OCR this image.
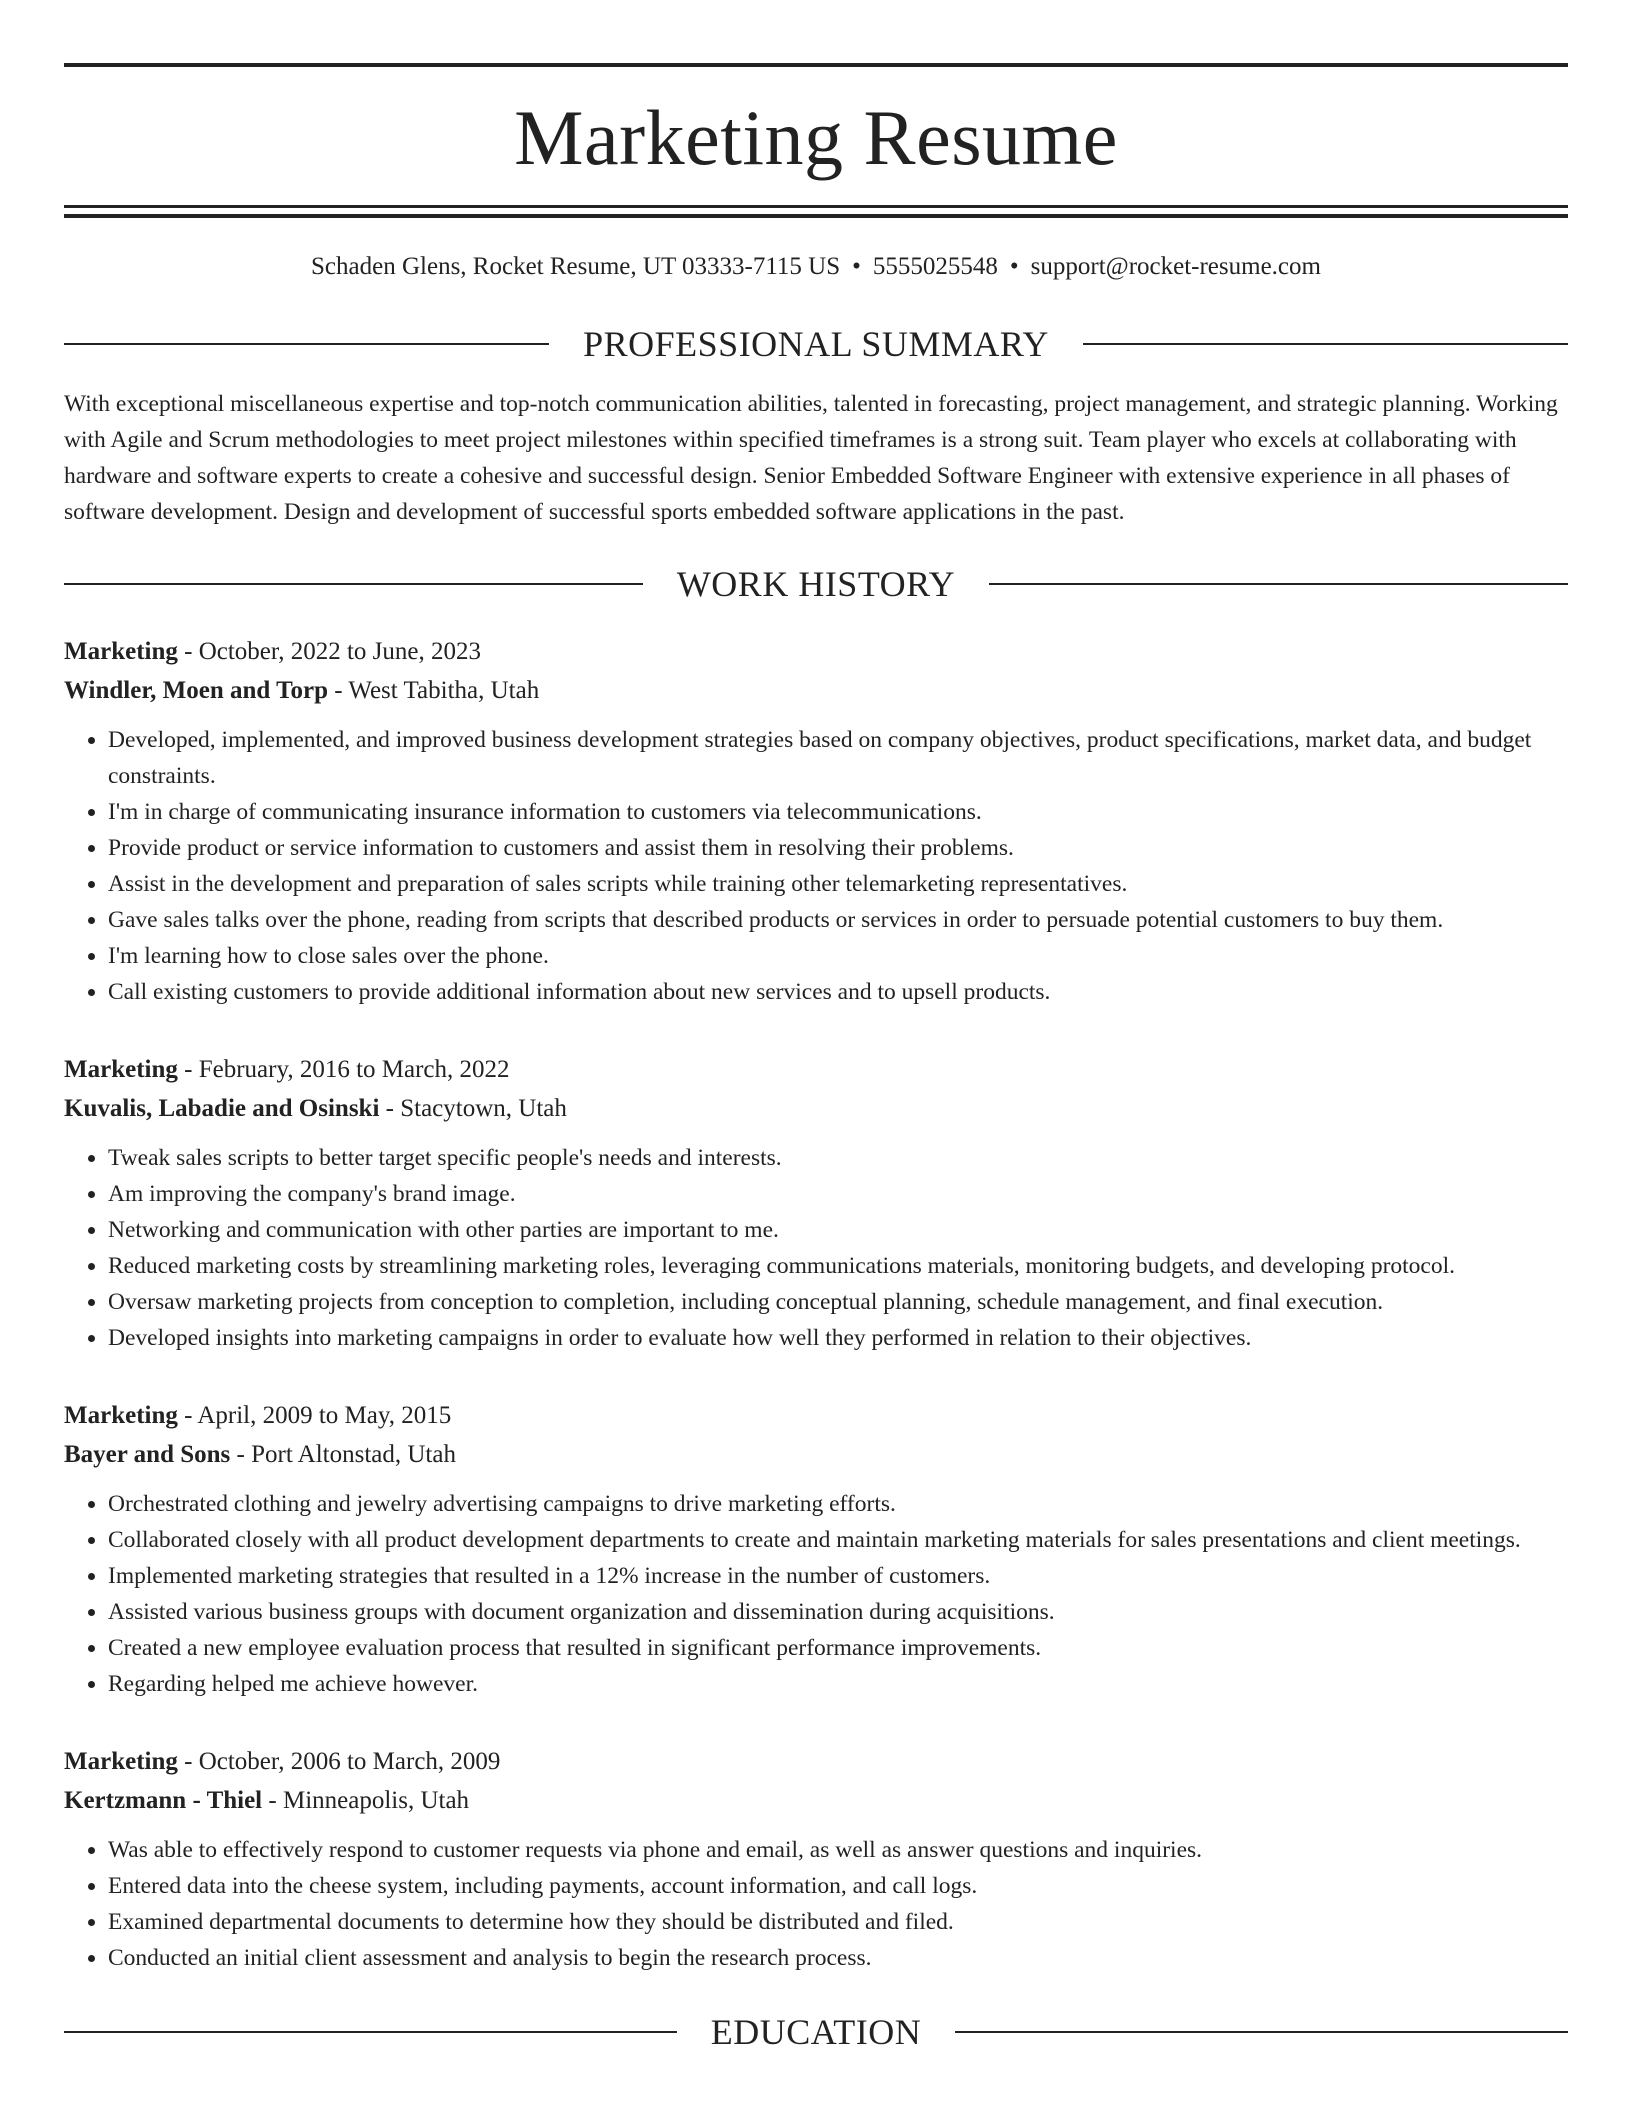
Marketing Resume
Schaden Glens, Rocket Resume, UT 03333-7115 US • 5555025548 • support@rocket-resume.com
PROFESSIONAL SUMMARY
With exceptional miscellaneous expertise and top-notch communication abilities, talented in forecasting, project management, and strategic planning. Working with Agile and Scrum methodologies to meet project milestones within specified timeframes is a strong suit. Team player who excels at collaborating with hardware and software experts to create a cohesive and successful design. Senior Embedded Software Engineer with extensive experience in all phases of software development. Design and development of successful sports embedded software applications in the past.
WORK HISTORY
Marketing - October, 2022 to June, 2023
Windler, Moen and Torp - West Tabitha, Utah
• Developed, implemented, and improved business development strategies based on company objectives, product specifications, market data, and budget constraints.
• I'm in charge of communicating insurance information to customers via telecommunications.
• Provide product or service information to customers and assist them in resolving their problems.
• Assist in the development and preparation of sales scripts while training other telemarketing representatives.
• Gave sales talks over the phone, reading from scripts that described products or services in order to persuade potential customers to buy them.
• I'm learning how to close sales over the phone.
• Call existing customers to provide additional information about new services and to upsell products.
Marketing - February, 2016 to March, 2022
Kuvalis, Labadie and Osinski - Stacytown, Utah
• Tweak sales scripts to better target specific people's needs and interests.
• Am improving the company's brand image.
• Networking and communication with other parties are important to me.
• Reduced marketing costs by streamlining marketing roles, leveraging communications materials, monitoring budgets, and developing protocol.
• Oversaw marketing projects from conception to completion, including conceptual planning, schedule management, and final execution.
• Developed insights into marketing campaigns in order to evaluate how well they performed in relation to their objectives.
Marketing - April, 2009 to May, 2015
Bayer and Sons - Port Altonstad, Utah
• Orchestrated clothing and jewelry advertising campaigns to drive marketing efforts.
• Collaborated closely with all product development departments to create and maintain marketing materials for sales presentations and client meetings.
• Implemented marketing strategies that resulted in a 12% increase in the number of customers.
• Assisted various business groups with document organization and dissemination during acquisitions.
• Created a new employee evaluation process that resulted in significant performance improvements.
• Regarding helped me achieve however.
Marketing - October, 2006 to March, 2009
Kertzmann - Thiel - Minneapolis, Utah
• Was able to effectively respond to customer requests via phone and email, as well as answer questions and inquiries.
• Entered data into the cheese system, including payments, account information, and call logs.
• Examined departmental documents to determine how they should be distributed and filed.
• Conducted an initial client assessment and analysis to begin the research process.
EDUCATION
